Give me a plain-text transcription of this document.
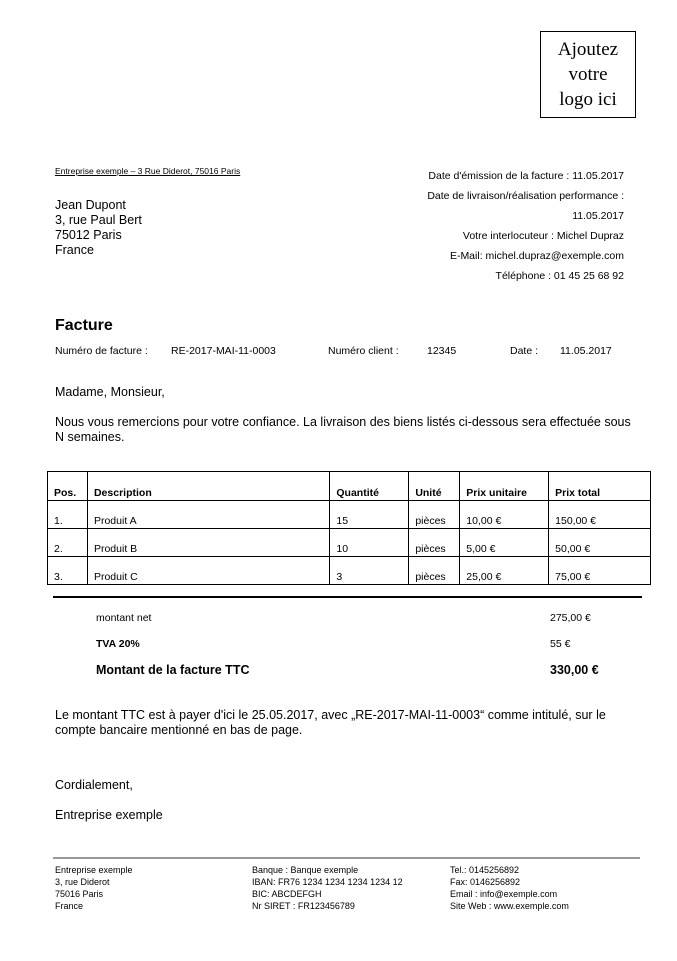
Ajoutez
votre
logo ici
Entreprise exemple – 3 Rue Diderot, 75016 Paris
Jean Dupont
3, rue Paul Bert
75012 Paris
France
Date d'émission de la facture : 11.05.2017
Date de livraison/réalisation performance :
11.05.2017
Votre interlocuteur : Michel Dupraz
E-Mail: michel.dupraz@exemple.com
Téléphone : 01 45 25 68 92
Facture
Numéro de facture : RE-2017-MAI-11-0003	Numéro client :	12345	Date : 11.05.2017
Madame, Monsieur,
Nous vous remercions pour votre confiance. La livraison des biens listés ci-dessous sera effectuée sous
N semaines.
Pos.	Description	Quantité	Unité	Prix unitaire	Prix total
1.	Produit A	15	pièces	10,00 €	150,00 €
2.	Produit B	10	pièces	5,00 €	50,00 €
3.	Produit C	3	pièces	25,00 €	75,00 €
montant net	275,00 €
TVA 20%	55 €
Montant de la facture TTC	330,00 €
Le montant TTC est à payer d'ici le 25.05.2017, avec „RE-2017-MAI-11-0003“ comme intitulé, sur le
compte bancaire mentionné en bas de page.
Cordialement,
Entreprise exemple
Entreprise exemple
3, rue Diderot
75016 Paris
France
Banque : Banque exemple
IBAN: FR76 1234 1234 1234 1234 12
BIC: ABCDEFGH
Nr SIRET : FR123456789
Tel.: 0145256892
Fax: 0146256892
Email : info@exemple.com
Site Web : www.exemple.com
